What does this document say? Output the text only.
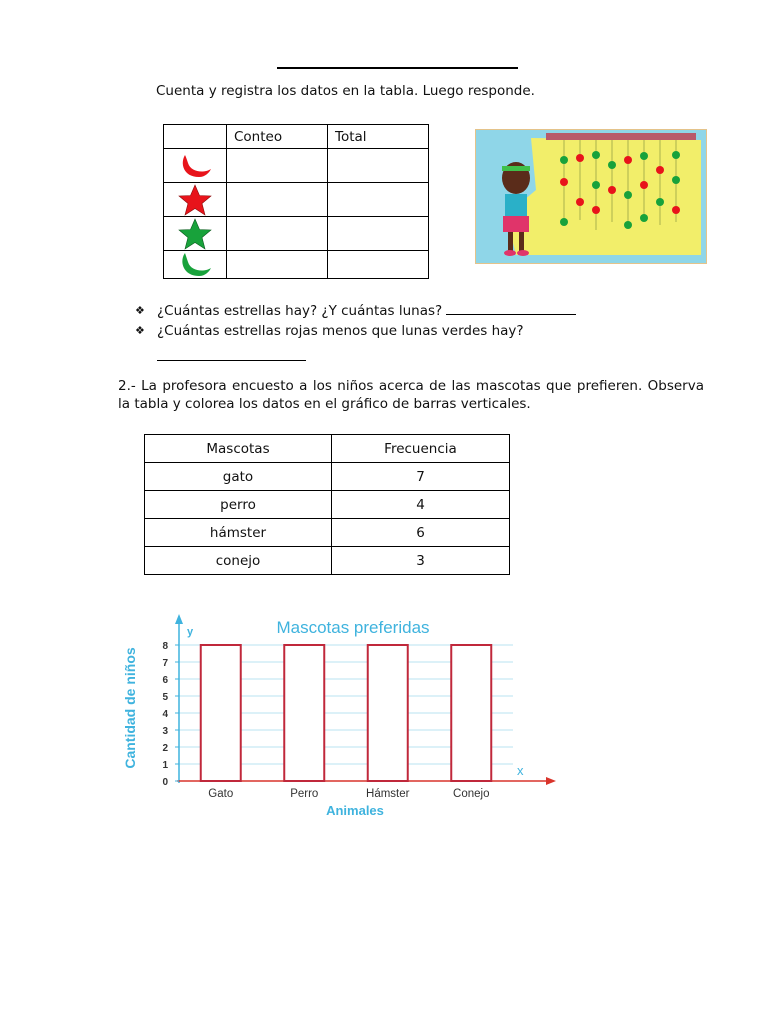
Cuenta y registra los datos en la tabla. Luego responde.
	Conteo	Total

❖ ¿Cuántas estrellas hay? ¿Y cuántas lunas?
❖ ¿Cuántas estrellas rojas menos que lunas verdes hay?
2.- La profesora encuesto a los niños acerca de las mascotas que prefieren. Observa la tabla y colorea los datos en el gráfico de barras verticales.
Mascotas	Frecuencia
gato	7
perro	4
hámster	6
conejo	3
y
x
0
1
2
3
4
5
6
7
8
Gato	Perro	Hámster	Conejo
Mascotas preferidas
Animales
Cantidad de niños
